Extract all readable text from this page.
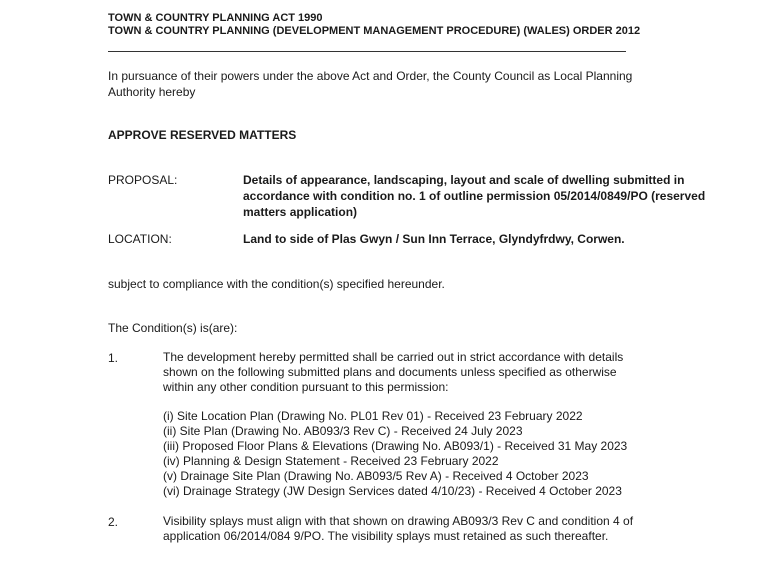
TOWN & COUNTRY PLANNING ACT 1990
TOWN & COUNTRY PLANNING (DEVELOPMENT MANAGEMENT PROCEDURE) (WALES) ORDER 2012
In pursuance of their powers under the above Act and Order, the County Council as Local Planning
Authority hereby
APPROVE RESERVED MATTERS
PROPOSAL:	Details of appearance, landscaping, layout and scale of dwelling submitted in
accordance with condition no. 1 of outline permission 05/2014/0849/PO (reserved
matters application)
LOCATION:	Land to side of Plas Gwyn / Sun Inn Terrace, Glyndyfrdwy, Corwen.
subject to compliance with the condition(s) specified hereunder.
The Condition(s) is(are):
1.	The development hereby permitted shall be carried out in strict accordance with details
shown on the following submitted plans and documents unless specified as otherwise
within any other condition pursuant to this permission:
(i) Site Location Plan (Drawing No. PL01 Rev 01) - Received 23 February 2022
(ii) Site Plan (Drawing No. AB093/3 Rev C) - Received 24 July 2023
(iii) Proposed Floor Plans & Elevations (Drawing No. AB093/1) - Received 31 May 2023
(iv) Planning & Design Statement - Received 23 February 2022
(v) Drainage Site Plan (Drawing No. AB093/5 Rev A) - Received 4 October 2023
(vi) Drainage Strategy (JW Design Services dated 4/10/23) - Received 4 October 2023
2.	Visibility splays must align with that shown on drawing AB093/3 Rev C and condition 4 of
application 06/2014/084 9/PO. The visibility splays must retained as such thereafter.
